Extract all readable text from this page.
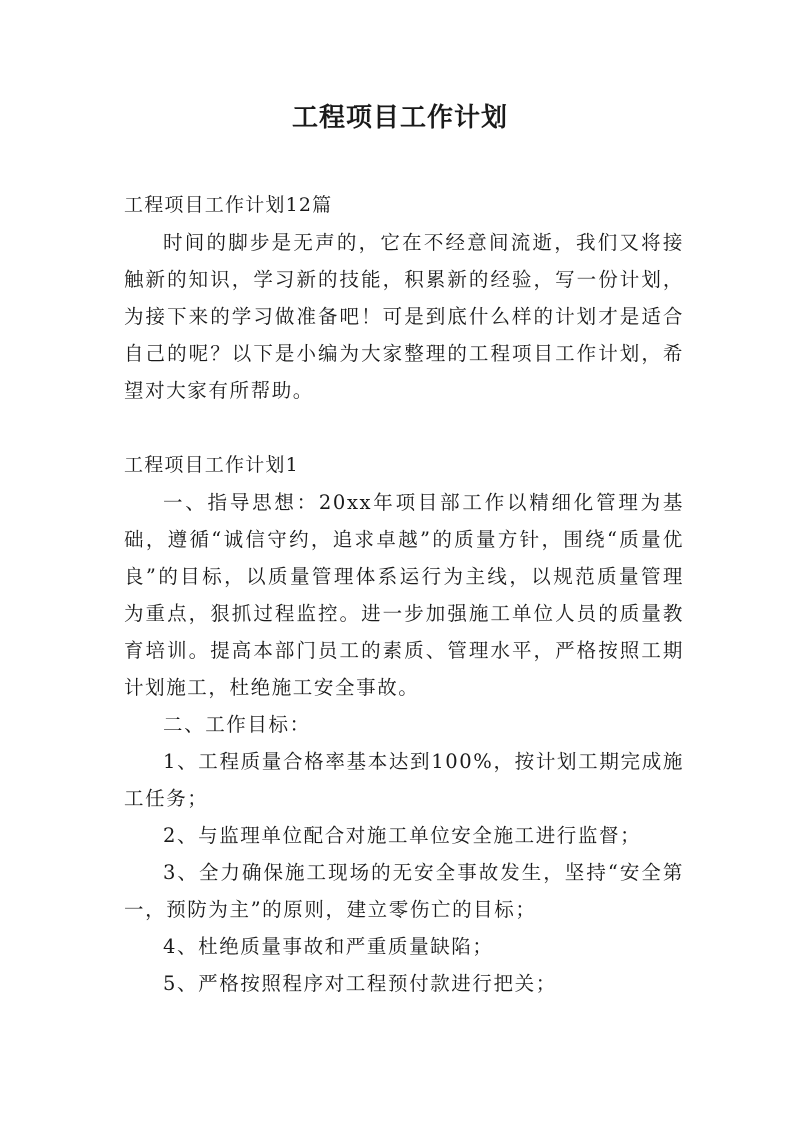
工程项目工作计划

工程项目工作计划12篇

时间的脚步是无声的，它在不经意间流逝，我们又将接触新的知识，学习新的技能，积累新的经验，写一份计划，为接下来的学习做准备吧！可是到底什么样的计划才是适合自己的呢？以下是小编为大家整理的工程项目工作计划，希望对大家有所帮助。

工程项目工作计划1

一、指导思想：20xx年项目部工作以精细化管理为基础，遵循“诚信守约，追求卓越”的质量方针，围绕“质量优良”的目标，以质量管理体系运行为主线，以规范质量管理为重点，狠抓过程监控。进一步加强施工单位人员的质量教育培训。提高本部门员工的素质、管理水平，严格按照工期计划施工，杜绝施工安全事故。

二、工作目标：

1、工程质量合格率基本达到100%，按计划工期完成施工任务；

2、与监理单位配合对施工单位安全施工进行监督；

3、全力确保施工现场的无安全事故发生，坚持“安全第一，预防为主”的原则，建立零伤亡的目标；

4、杜绝质量事故和严重质量缺陷；

5、严格按照程序对工程预付款进行把关；
